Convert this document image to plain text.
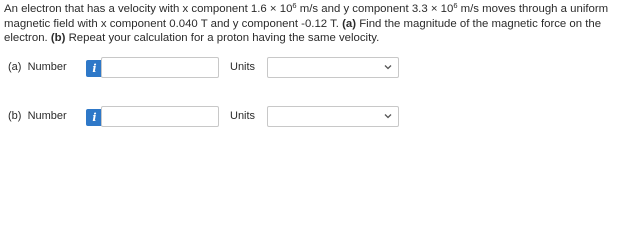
An electron that has a velocity with x component $1.6 \times 10^6$ m/s and y component $3.3 \times 10^6$ m/s moves through a uniform magnetic field with x component 0.040 T and y component -0.12 T. (a) Find the magnitude of the magnetic force on the electron. (b) Repeat your calculation for a proton having the same velocity.

(a) Number	i	Units
(b) Number	i	Units
